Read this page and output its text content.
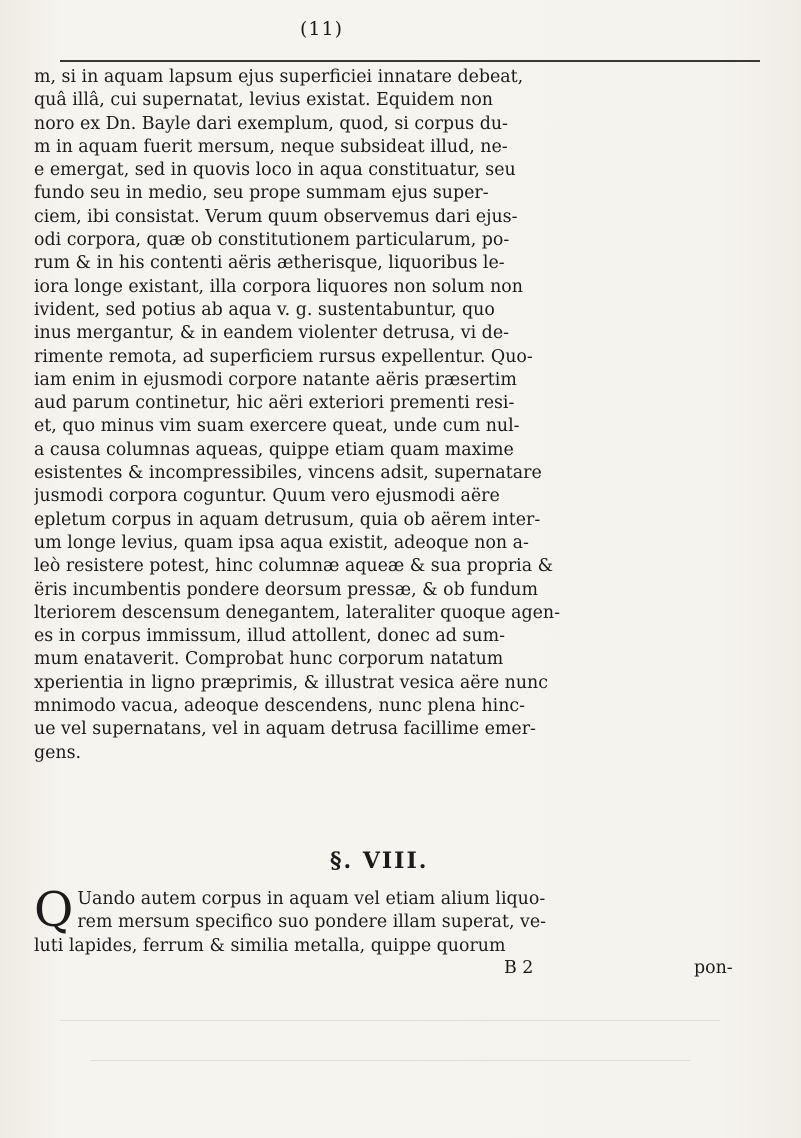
(11)
m, si in aquam lapsum ejus superficiei innatare debeat,
quâ illâ, cui supernatat, levius existat. Equidem non
noro ex Dn. Bayle dari exemplum, quod, si corpus du-
m in aquam fuerit mersum, neque subsideat illud, ne-
e emergat, sed in quovis loco in aqua constituatur, seu
fundo seu in medio, seu prope summam ejus super-
ciem, ibi consistat. Verum quum observemus dari ejus-
odi corpora, quæ ob constitutionem particularum, po-
rum & in his contenti aëris ætherisque, liquoribus le-
iora longe existant, illa corpora liquores non solum non
ivident, sed potius ab aqua v. g. sustentabuntur, quo
inus mergantur, & in eandem violenter detrusa, vi de-
rimente remota, ad superficiem rursus expellentur. Quo-
iam enim in ejusmodi corpore natante aëris præsertim
aud parum continetur, hic aëri exteriori prementi resi-
et, quo minus vim suam exercere queat, unde cum nul-
a causa columnas aqueas, quippe etiam quam maxime
esistentes & incompressibiles, vincens adsit, supernatare
jusmodi corpora coguntur. Quum vero ejusmodi aëre
epletum corpus in aquam detrusum, quia ob aërem inter-
um longe levius, quam ipsa aqua existit, adeoque non a-
leò resistere potest, hinc columnæ aqueæ & sua propria &
ëris incumbentis pondere deorsum pressæ, & ob fundum
lteriorem descensum denegantem, lateraliter quoque agen-
es in corpus immissum, illud attollent, donec ad sum-
mum enataverit. Comprobat hunc corporum natatum
xperientia in ligno præprimis, & illustrat vesica aëre nunc
mnimodo vacua, adeoque descendens, nunc plena hinc-
ue vel supernatans, vel in aquam detrusa facillime emer-
gens.
§. VIII.
Q Uando autem corpus in aquam vel etiam alium liquo-
rem mersum specifico suo pondere illam superat, ve-
luti lapides, ferrum & similia metalla, quippe quorum
B 2	pon-
